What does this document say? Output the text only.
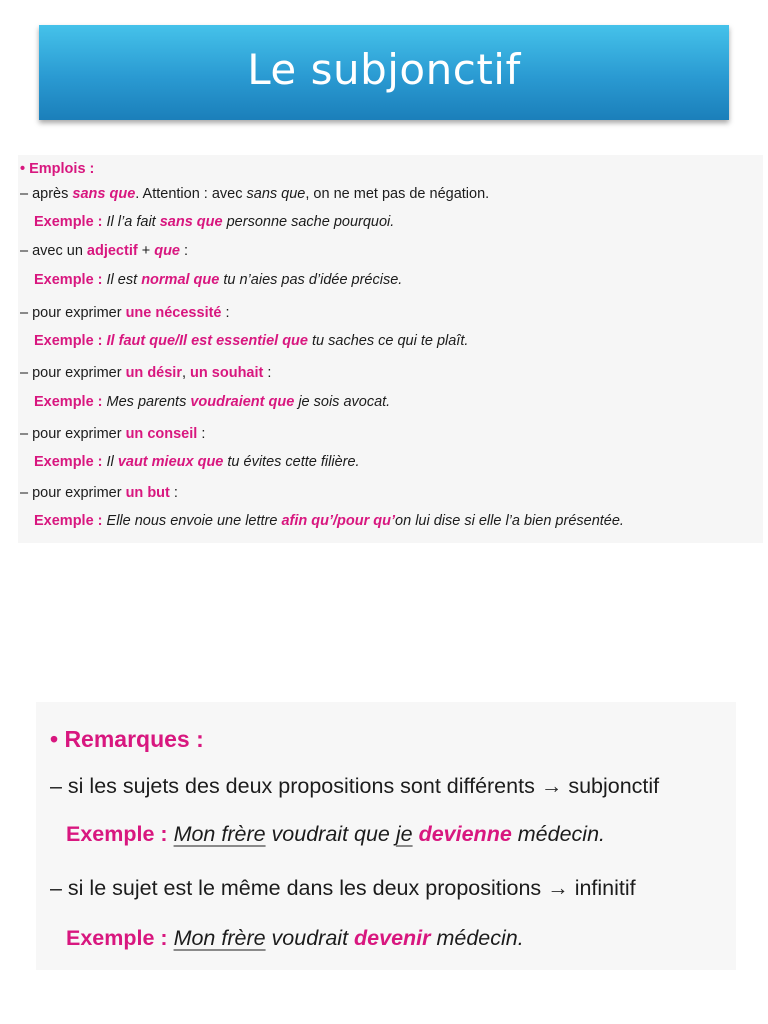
Le subjonctif
• Emplois :
– après sans que. Attention : avec sans que, on ne met pas de négation.
Exemple : Il l’a fait sans que personne sache pourquoi.
– avec un adjectif + que :
Exemple : Il est normal que tu n’aies pas d’idée précise.
– pour exprimer une nécessité :
Exemple : Il faut que/Il est essentiel que tu saches ce qui te plaît.
– pour exprimer un désir, un souhait :
Exemple : Mes parents voudraient que je sois avocat.
– pour exprimer un conseil :
Exemple : Il vaut mieux que tu évites cette filière.
– pour exprimer un but :
Exemple : Elle nous envoie une lettre afin qu’/pour qu’on lui dise si elle l’a bien présentée.
• Remarques :
– si les sujets des deux propositions sont différents → subjonctif
Exemple : Mon frère voudrait que je devienne médecin.
– si le sujet est le même dans les deux propositions → infinitif
Exemple : Mon frère voudrait devenir médecin.
